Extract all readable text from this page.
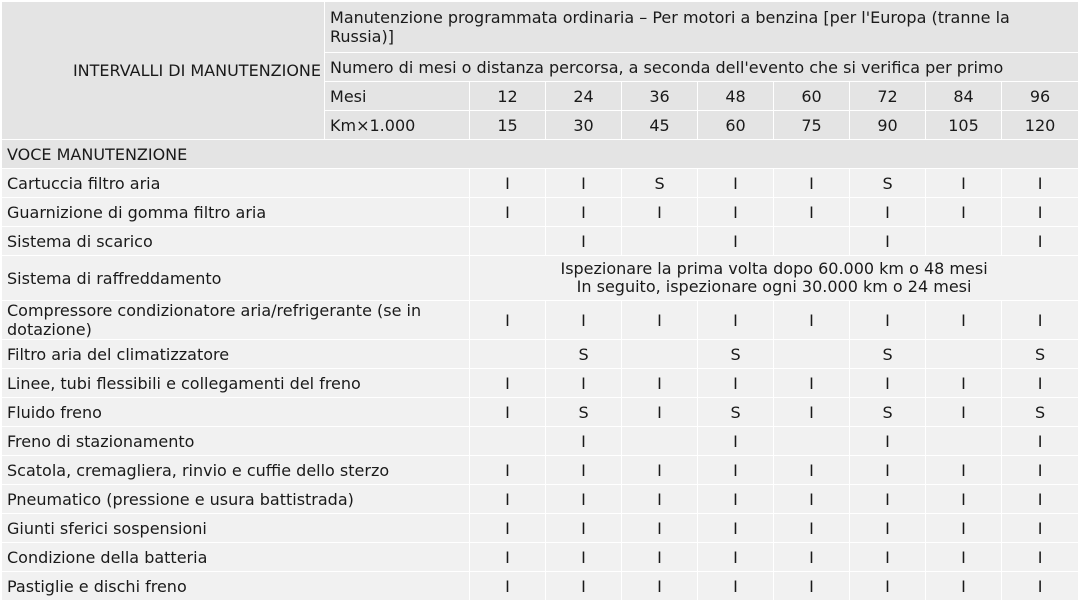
INTERVALLI DI MANUTENZIONE	Manutenzione programmata ordinaria – Per motori a benzina [per l'Europa (tranne la Russia)]								
	Numero di mesi o distanza percorsa, a seconda dell'evento che si verifica per primo								
	Mesi	12	24	36	48	60	72	84	96
	Km×1.000	15	30	45	60	75	90	105	120
VOCE MANUTENZIONE									
Cartuccia filtro aria		I	I	S	I	I	S	I	I
Guarnizione di gomma filtro aria		I	I	I	I	I	I	I	I
Sistema di scarico			I		I		I		I
Sistema di raffreddamento		Ispezionare la prima volta dopo 60.000 km o 48 mesi
In seguito, ispezionare ogni 30.000 km o 24 mesi							

Compressore condizionatore aria/refrigerante (se in dotazione)		I	I	I	I	I	I	I	I
Filtro aria del climatizzatore			S		S		S		S
Linee, tubi flessibili e collegamenti del freno		I	I	I	I	I	I	I	I
Fluido freno		I	S	I	S	I	S	I	S
Freno di stazionamento			I		I		I		I
Scatola, cremagliera, rinvio e cuffie dello sterzo		I	I	I	I	I	I	I	I
Pneumatico (pressione e usura battistrada)		I	I	I	I	I	I	I	I
Giunti sferici sospensioni		I	I	I	I	I	I	I	I
Condizione della batteria		I	I	I	I	I	I	I	I
Pastiglie e dischi freno		I	I	I	I	I	I	I	I
